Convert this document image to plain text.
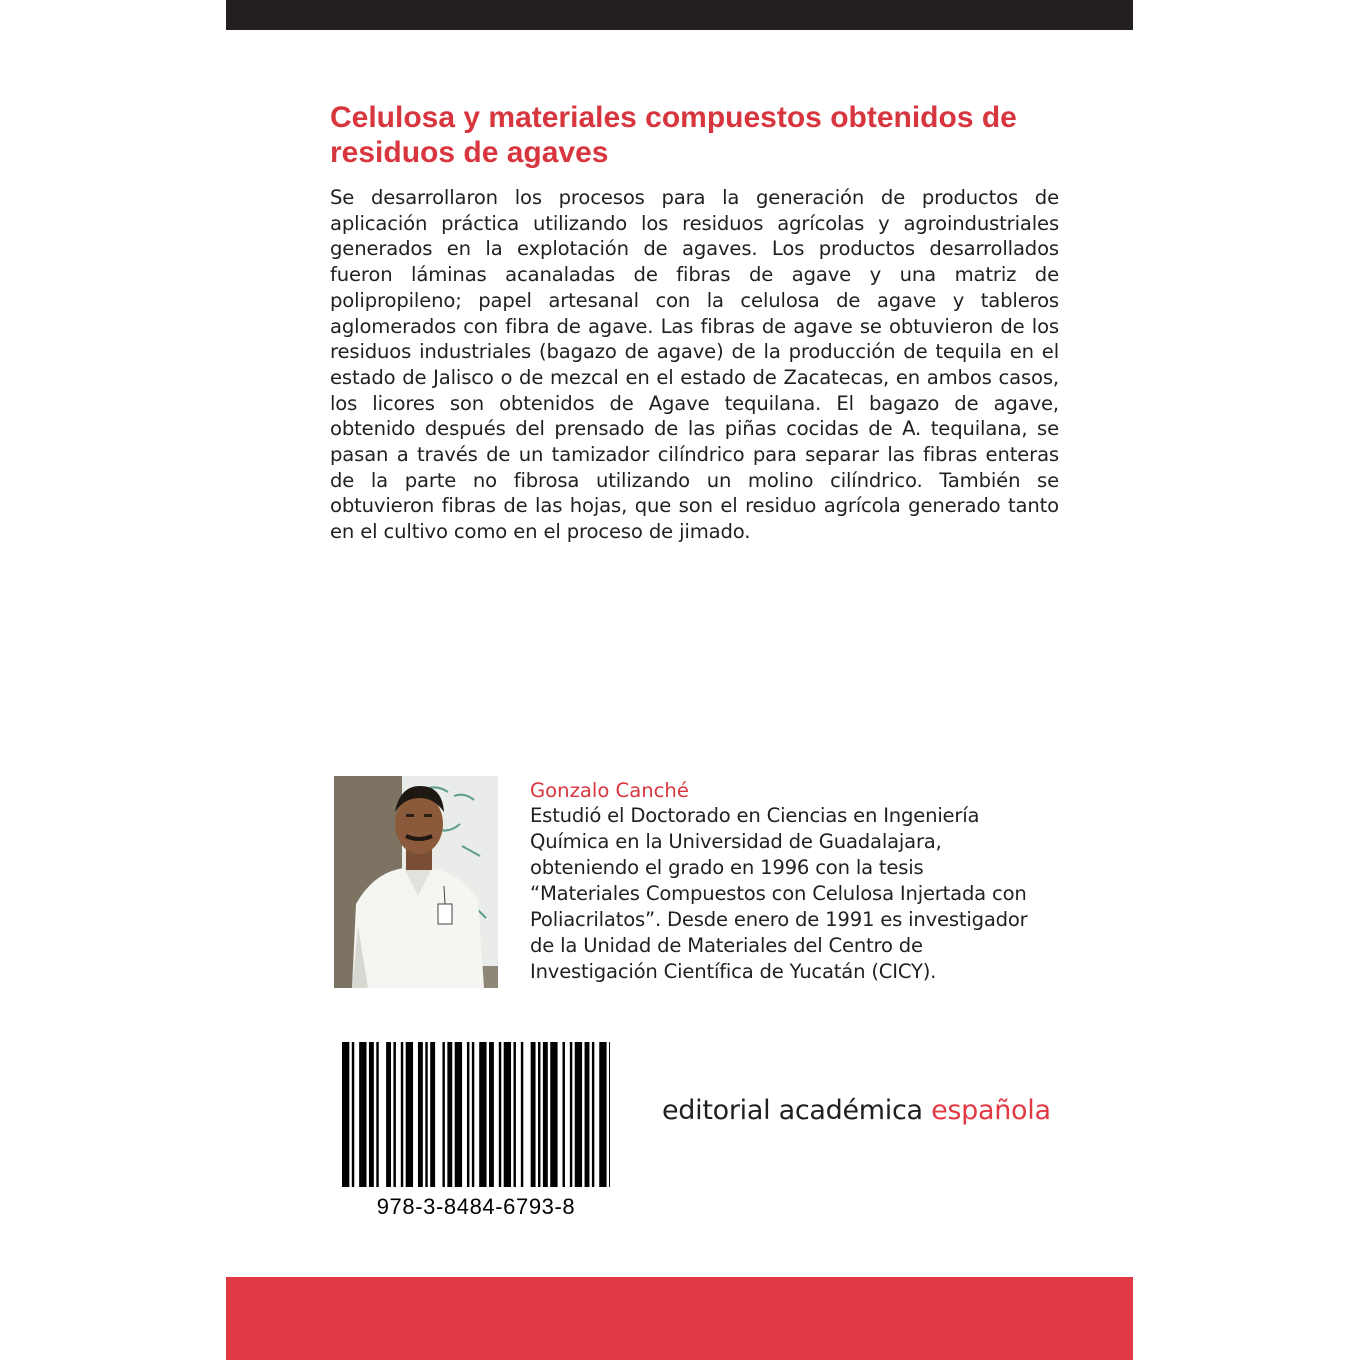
Celulosa y materiales compuestos obtenidos de residuos de agaves

Se desarrollaron los procesos para la generación de productos de aplicación práctica utilizando los residuos agrícolas y agroindustriales generados en la explotación de agaves. Los productos desarrollados fueron láminas acanaladas de fibras de agave y una matriz de polipropileno; papel artesanal con la celulosa de agave y tableros aglomerados con fibra de agave. Las fibras de agave se obtuvieron de los residuos industriales (bagazo de agave) de la producción de tequila en el estado de Jalisco o de mezcal en el estado de Zacatecas, en ambos casos, los licores son obtenidos de Agave tequilana. El bagazo de agave, obtenido después del prensado de las piñas cocidas de A. tequilana, se pasan a través de un tamizador cilíndrico para separar las fibras enteras de la parte no fibrosa utilizando un molino cilíndrico. También se obtuvieron fibras de las hojas, que son el residuo agrícola generado tanto en el cultivo como en el proceso de jimado.

Gonzalo Canché

Estudió el Doctorado en Ciencias en Ingeniería
Química en la Universidad de Guadalajara,
obteniendo el grado en 1996 con la tesis
“Materiales Compuestos con Celulosa Injertada con
Poliacrilatos”. Desde enero de 1991 es investigador
de la Unidad de Materiales del Centro de
Investigación Científica de Yucatán (CICY).

978-3-8484-6793-8
editorial académica española
